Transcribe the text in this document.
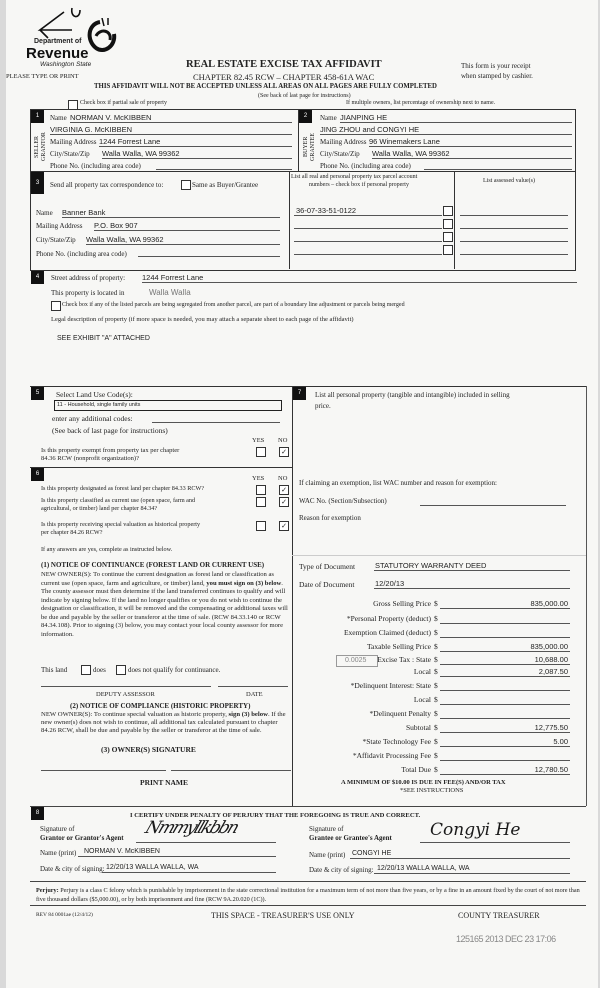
Department of
Revenue
Washington State
PLEASE TYPE OR PRINT
REAL ESTATE EXCISE TAX AFFIDAVIT
CHAPTER 82.45 RCW – CHAPTER 458-61A WAC
This form is your receipt
when stamped by cashier.
THIS AFFIDAVIT WILL NOT BE ACCEPTED UNLESS ALL AREAS ON ALL PAGES ARE FULLY COMPLETED
(See back of last page for instructions)
Check box if partial sale of property	If multiple owners, list percentage of ownership next to name.
1
SELLER GRANTOR
Name NORMAN V. McKIBBEN
VIRGINIA G. McKIBBEN
Mailing Address 1244 Forrest Lane
City/State/Zip Walla Walla, WA 99362
Phone No. (including area code)
2
BUYER GRANTEE
Name JIANPING HE
JING ZHOU and CONGYI HE
Mailing Address 96 Winemakers Lane
City/State/Zip Walla Walla, WA 99362
Phone No. (including area code)
3	Send all property tax correspondence to:	Same as Buyer/Grantee
Name Banner Bank
Mailing Address P.O. Box 907
City/State/Zip Walla Walla, WA 99362
Phone No. (including area code)
List all real and personal property tax parcel account
numbers – check box if personal property
List assessed value(s)
36-07-33-51-0122
4	Street address of property: 1244 Forrest Lane
This property is located in	Walla Walla
Check box if any of the listed parcels are being segregated from another parcel, are part of a boundary line adjustment or parcels being merged
Legal description of property (if more space is needed, you may attach a separate sheet to each page of the affidavit)
SEE EXHIBIT "A" ATTACHED
5	Select Land Use Code(s):
11 - Household, single family units
enter any additional codes:
(See back of last page for instructions)
YES NO
Is this property exempt from property tax per chapter
84.36 RCW (nonprofit organization)?
✓
6
YES NO
Is this property designated as forest land per chapter 84.33 RCW?	✓
Is this property classified as current use (open space, farm and
agricultural, or timber) land per chapter 84.34?
✓
Is this property receiving special valuation as historical property
per chapter 84.26 RCW?
✓
If any answers are yes, complete as instructed below.
(1) NOTICE OF CONTINUANCE (FOREST LAND OR CURRENT USE)
NEW OWNER(S): To continue the current designation as forest land or classification as current use (open space, farm and agriculture, or timber) land, you must sign on (3) below. The county assessor must then determine if the land transferred continues to qualify and will indicate by signing below. If the land no longer qualifies or you do not wish to continue the designation or classification, it will be removed and the compensating or additional taxes will be due and payable by the seller or transferor at the time of sale. (RCW 84.33.140 or RCW 84.34.108). Prior to signing (3) below, you may contact your local county assessor for more information.
This land	does	does not qualify for continuance.
DEPUTY ASSESSOR	DATE
(2) NOTICE OF COMPLIANCE (HISTORIC PROPERTY)
NEW OWNER(S): To continue special valuation as historic property, sign (3) below. If the new owner(s) does not wish to continue, all additional tax calculated pursuant to chapter 84.26 RCW, shall be due and payable by the seller or transferor at the time of sale.
(3) OWNER(S) SIGNATURE
PRINT NAME
7	List all personal property (tangible and intangible) included in selling
price.
If claiming an exemption, list WAC number and reason for exemption:
WAC No. (Section/Subsection)
Reason for exemption
Type of Document	STATUTORY WARRANTY DEED
Date of Document	12/20/13
0.0025
Gross Selling Price $	835,000.00
*Personal Property (deduct) $
Exemption Claimed (deduct) $
Taxable Selling Price $	835,000.00
Excise Tax : State $	10,688.00
Local $	2,087.50
*Delinquent Interest: State $
Local $
*Delinquent Penalty $
Subtotal $	12,775.50
*State Technology Fee $	5.00
*Affidavit Processing Fee $
Total Due $	12,780.50
A MINIMUM OF $10.00 IS DUE IN FEE(S) AND/OR TAX
*SEE INSTRUCTIONS
8	I CERTIFY UNDER PENALTY OF PERJURY THAT THE FOREGOING IS TRUE AND CORRECT.
Signature of
Grantor or Grantor's Agent Nmmyllkbbn
Name (print) NORMAN V. McKIBBEN
Date & city of signing: 12/20/13 WALLA WALLA, WA
Signature of
Grantee or Grantee's Agent Congyi He
Name (print) CONGYI HE
Date & city of signing: 12/20/13 WALLA WALLA, WA
Perjury: Perjury is a class C felony which is punishable by imprisonment in the state correctional institution for a maximum term of not more than five years, or by a fine in an amount fixed by the court of not more than five thousand dollars ($5,000.00), or by both imprisonment and fine (RCW 9A.20.020 (1C)).
REV 84 0001ae (12/4/12)	THIS SPACE - TREASURER'S USE ONLY	COUNTY TREASURER
125165 2013 DEC 23 17:06
